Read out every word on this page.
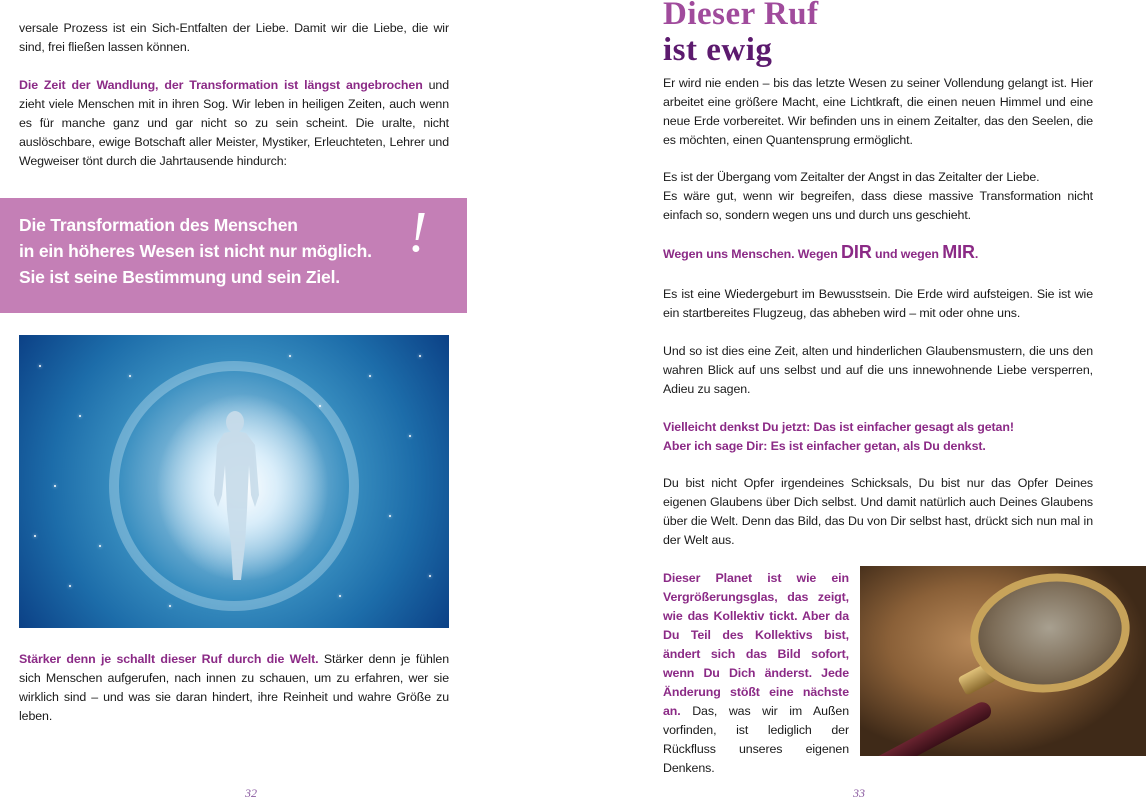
versale Prozess ist ein Sich-Entfalten der Liebe. Damit wir die Liebe, die wir sind, frei fließen lassen können.
Die Zeit der Wandlung, der Transformation ist längst angebrochen und zieht viele Menschen mit in ihren Sog. Wir leben in heiligen Zeiten, auch wenn es für manche ganz und gar nicht so zu sein scheint. Die uralte, nicht auslöschbare, ewige Botschaft aller Meister, Mystiker, Erleuchteten, Lehrer und Wegweiser tönt durch die Jahrtausende hindurch:
Die Transformation des Menschen
in ein höheres Wesen ist nicht nur möglich.
Sie ist seine Bestimmung und sein Ziel.
!
Stärker denn je schallt dieser Ruf durch die Welt. Stärker denn je fühlen sich Menschen aufgerufen, nach innen zu schauen, um zu erfahren, wer sie wirklich sind – und was sie daran hindert, ihre Reinheit und wahre Größe zu leben.
32
Dieser Ruf
ist ewig
Er wird nie enden – bis das letzte Wesen zu seiner Vollendung gelangt ist. Hier arbeitet eine größere Macht, eine Lichtkraft, die einen neuen Himmel und eine neue Erde vorbereitet. Wir befinden uns in einem Zeitalter, das den Seelen, die es möchten, einen Quantensprung ermöglicht.
Es ist der Übergang vom Zeitalter der Angst in das Zeitalter der Liebe.
Es wäre gut, wenn wir begreifen, dass diese massive Transformation nicht einfach so, sondern wegen uns und durch uns geschieht.
Wegen uns Menschen. Wegen DIR und wegen MIR.
Es ist eine Wiedergeburt im Bewusstsein. Die Erde wird aufsteigen. Sie ist wie ein startbereites Flugzeug, das abheben wird – mit oder ohne uns.
Und so ist dies eine Zeit, alten und hinderlichen Glaubensmustern, die uns den wahren Blick auf uns selbst und auf die uns innewohnende Liebe versperren, Adieu zu sagen.
Vielleicht denkst Du jetzt: Das ist einfacher gesagt als getan!
Aber ich sage Dir: Es ist einfacher getan, als Du denkst.
Du bist nicht Opfer irgendeines Schicksals, Du bist nur das Opfer Deines eigenen Glaubens über Dich selbst. Und damit natürlich auch Deines Glaubens über die Welt. Denn das Bild, das Du von Dir selbst hast, drückt sich nun mal in der Welt aus.
Dieser Planet ist wie ein Vergrößerungsglas, das zeigt, wie das Kollektiv tickt. Aber da Du Teil des Kollektivs bist, ändert sich das Bild sofort, wenn Du Dich änderst. Jede Änderung stößt eine nächste an. Das, was wir im Außen vorfinden, ist lediglich der Rückfluss unseres eigenen Denkens.
33
